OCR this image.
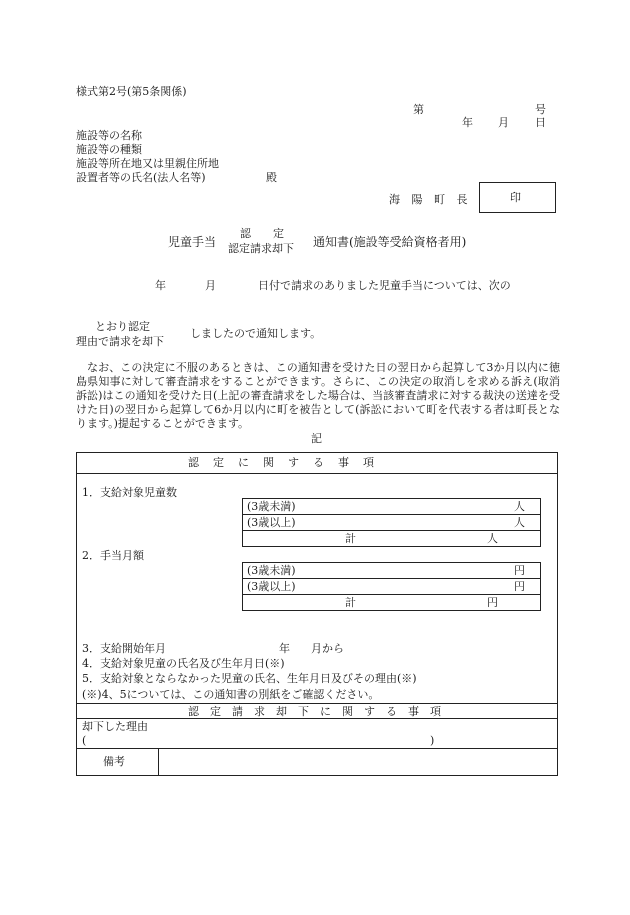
様式第2号(第5条関係)
第	号
年 月 日
施設等の名称
施設等の種類
施設等所在地又は里親住所地
設置者等の氏名(法人名等)	殿
海 陽 町 長	印
児童手当
認　　定
認定請求却下 通知書(施設等受給資格者用)
年	月	日付で請求のありました児童手当については、次の
とおり認定
理由で請求を却下
しましたので通知します。
なお、この決定に不服のあるときは、この通知書を受けた日の翌日から起算して3か月以内に徳島県知事に対して審査請求をすることができます。さらに、この決定の取消しを求める訴え(取消訴訟)はこの通知を受けた日(上記の審査請求をした場合は、当該審査請求に対する裁決の送達を受けた日)の翌日から起算して6か月以内に町を被告として(訴訟において町を代表する者は町長となります。)提起することができます。
記
認定に関する事項
1．支給対象児童数
(3歳未満)	人
(3歳以上)	人
計	人
2．手当月額
(3歳未満)	円
(3歳以上)	円
計	円
3．支給開始年月	年 月から
4．支給対象児童の氏名及び生年月日(※)
5．支給対象とならなかった児童の氏名、生年月日及びその理由(※)
(※)4、5については、この通知書の別紙をご確認ください。
認定請求却下に関する事項
却下した理由
(	)
備考
